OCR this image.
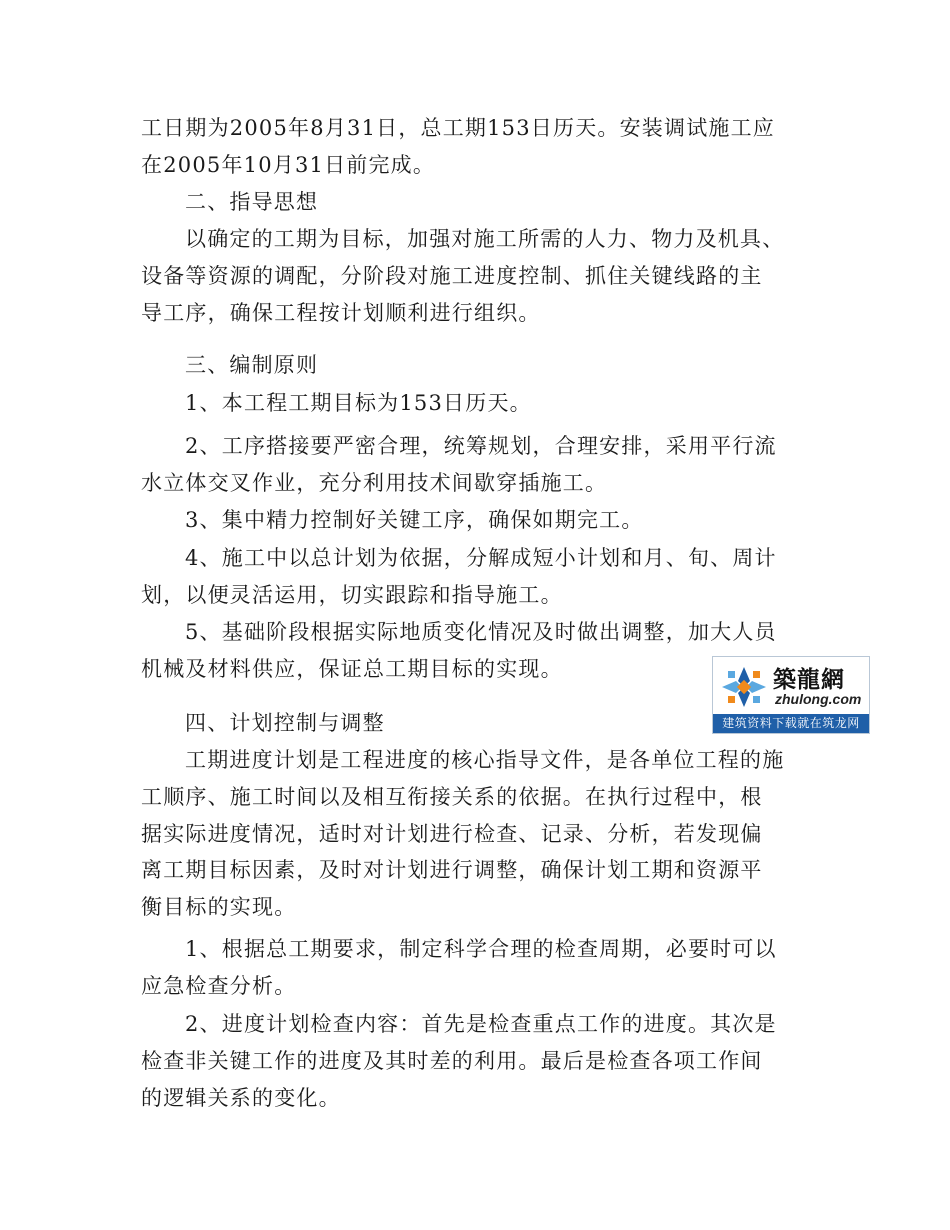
工日期为2005年8月31日，总工期153日历天。安装调试施工应
在2005年10月31日前完成。

二、指导思想

以确定的工期为目标，加强对施工所需的人力、物力及机具、
设备等资源的调配，分阶段对施工进度控制、抓住关键线路的主
导工序，确保工程按计划顺利进行组织。

三、编制原则

1、本工程工期目标为153日历天。

2、工序搭接要严密合理，统筹规划，合理安排，采用平行流
水立体交叉作业，充分利用技术间歇穿插施工。

3、集中精力控制好关键工序，确保如期完工。

4、施工中以总计划为依据，分解成短小计划和月、旬、周计
划，以便灵活运用，切实跟踪和指导施工。

5、基础阶段根据实际地质变化情况及时做出调整，加大人员
机械及材料供应，保证总工期目标的实现。

四、计划控制与调整

工期进度计划是工程进度的核心指导文件，是各单位工程的施
工顺序、施工时间以及相互衔接关系的依据。在执行过程中，根
据实际进度情况，适时对计划进行检查、记录、分析，若发现偏
离工期目标因素，及时对计划进行调整，确保计划工期和资源平
衡目标的实现。

1、根据总工期要求，制定科学合理的检查周期，必要时可以
应急检查分析。

2、进度计划检查内容：首先是检查重点工作的进度。其次是
检查非关键工作的进度及其时差的利用。最后是检查各项工作间
的逻辑关系的变化。

築龍網
zhulong.com
建筑资料下载就在筑龙网
